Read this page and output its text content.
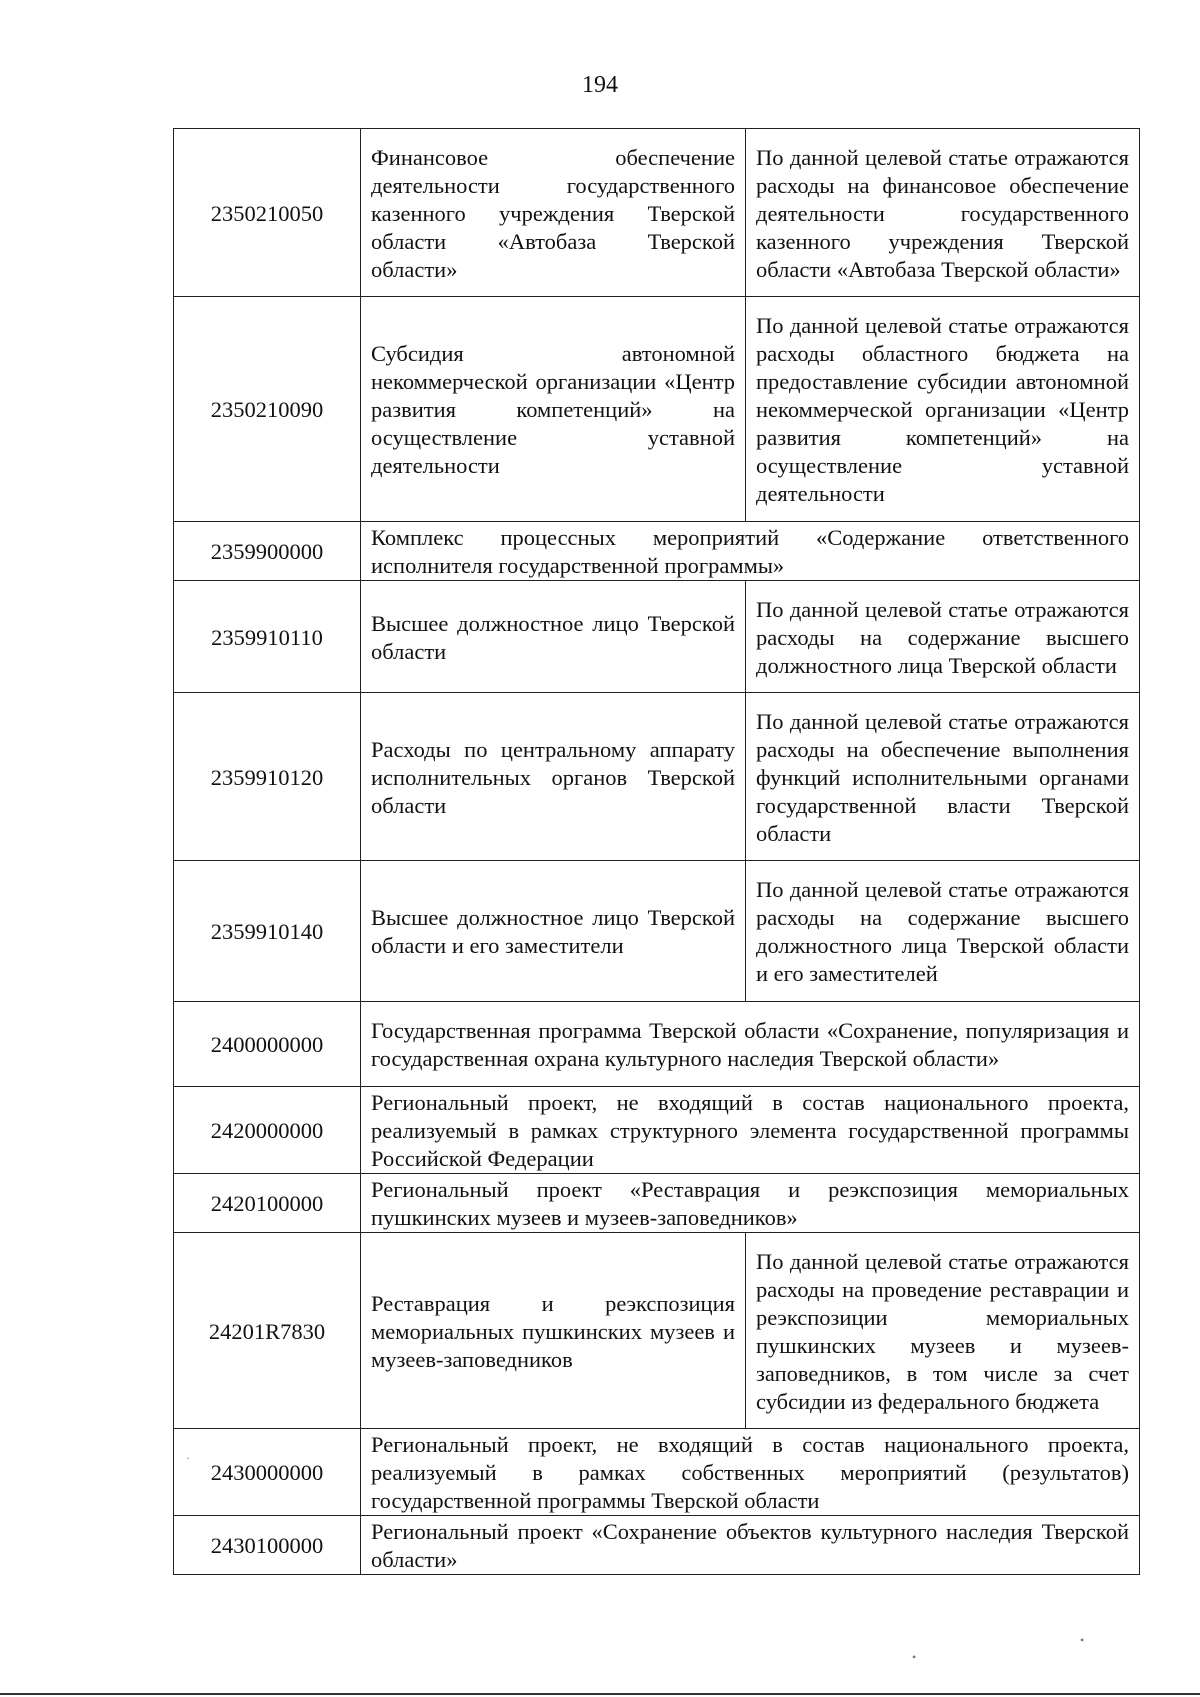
194
2350210050	Финансовое обеспечение деятельности государственного казенного учреждения Тверской области «Автобаза Тверской области»	По данной целевой статье отражаются расходы на финансовое обеспечение деятельности государственного казенного учреждения Тверской области «Автобаза Тверской области»
2350210090	Субсидия автономной некоммерческой организации «Центр развития компетенций» на осуществление уставной деятельности	По данной целевой статье отражаются расходы областного бюджета на предоставление субсидии автономной некоммерческой организации «Центр развития компетенций» на осуществление уставной деятельности
2359900000	Комплекс процессных мероприятий «Содержание ответственного исполнителя государственной программы»	
2359910110	Высшее должностное лицо Тверской области	По данной целевой статье отражаются расходы на содержание высшего должностного лица Тверской области
2359910120	Расходы по центральному аппарату исполнительных органов Тверской области	По данной целевой статье отражаются расходы на обеспечение выполнения функций исполнительными органами государственной власти Тверской области
2359910140	Высшее должностное лицо Тверской области и его заместители	По данной целевой статье отражаются расходы на содержание высшего должностного лица Тверской области и его заместителей
2400000000	Государственная программа Тверской области «Сохранение, популяризация и государственная охрана культурного наследия Тверской области»	
2420000000	Региональный проект, не входящий в состав национального проекта, реализуемый в рамках структурного элемента государственной программы Российской Федерации	
2420100000	Региональный проект «Реставрация и реэкспозиция мемориальных пушкинских музеев и музеев-заповедников»	
24201R7830	Реставрация и реэкспозиция мемориальных пушкинских музеев и музеев-заповедников	По данной целевой статье отражаются расходы на проведение реставрации и реэкспозиции мемориальных пушкинских музеев и музеев-заповедников, в том числе за счет субсидии из федерального бюджета
2430000000	Региональный проект, не входящий в состав национального проекта, реализуемый в рамках собственных мероприятий (результатов) государственной программы Тверской области	
2430100000	Региональный проект «Сохранение объектов культурного наследия Тверской области»	
•
•
·
